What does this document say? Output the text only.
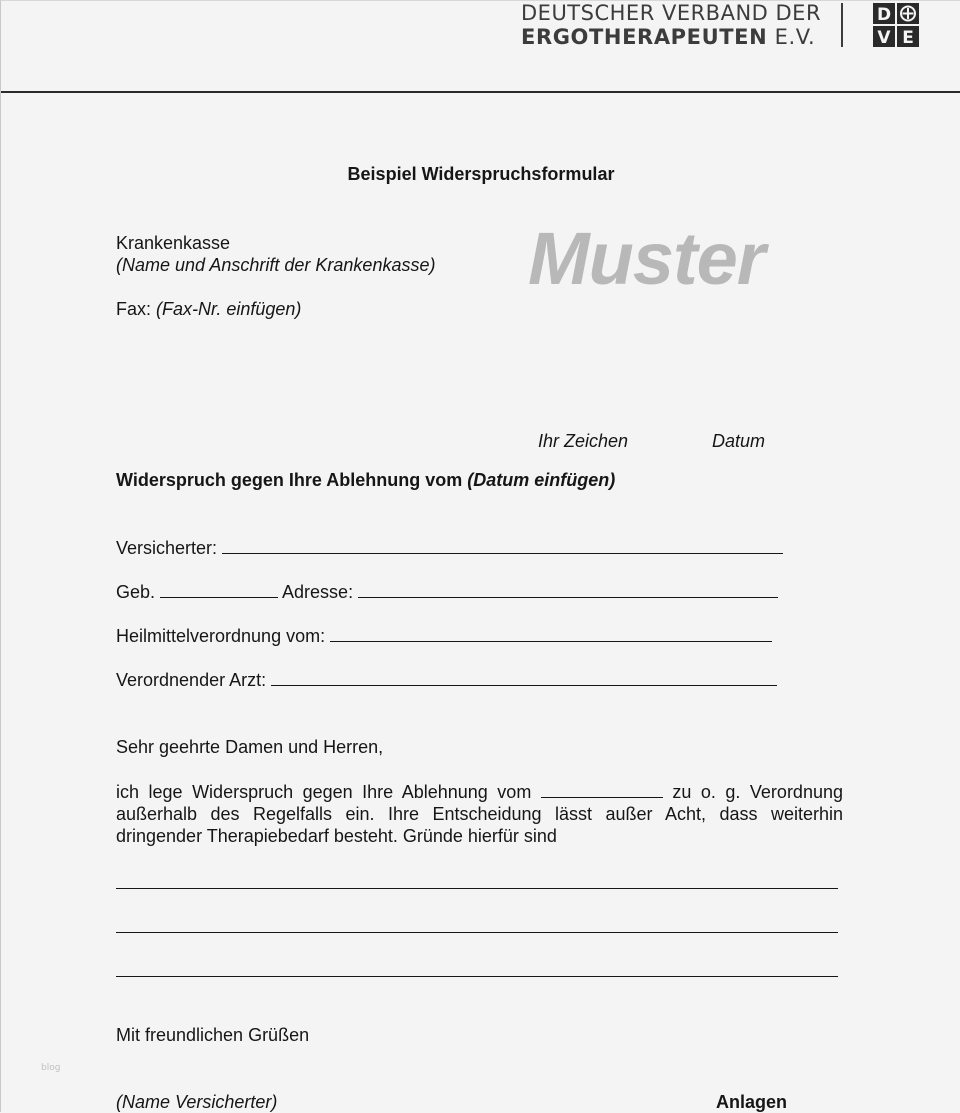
DEUTSCHER VERBAND DER
ERGOTHERAPEUTEN E.V.
D
V E
Beispiel Widerspruchsformular
Muster
Krankenkasse
(Name und Anschrift der Krankenkasse)
Fax: (Fax-Nr. einfügen)
Ihr Zeichen	Datum
Widerspruch gegen Ihre Ablehnung vom (Datum einfügen)
Versicherter:
Geb.	Adresse:
Heilmittelverordnung vom:
Verordnender Arzt:
Sehr geehrte Damen und Herren,
ich lege Widerspruch gegen Ihre Ablehnung vom	zu o. g. Verordnung außerhalb des Regelfalls ein. Ihre Entscheidung lässt außer Acht, dass weiterhin dringender Therapiebedarf besteht. Gründe hierfür sind
Mit freundlichen Grüßen
blog
(Name Versicherter)	Anlagen
